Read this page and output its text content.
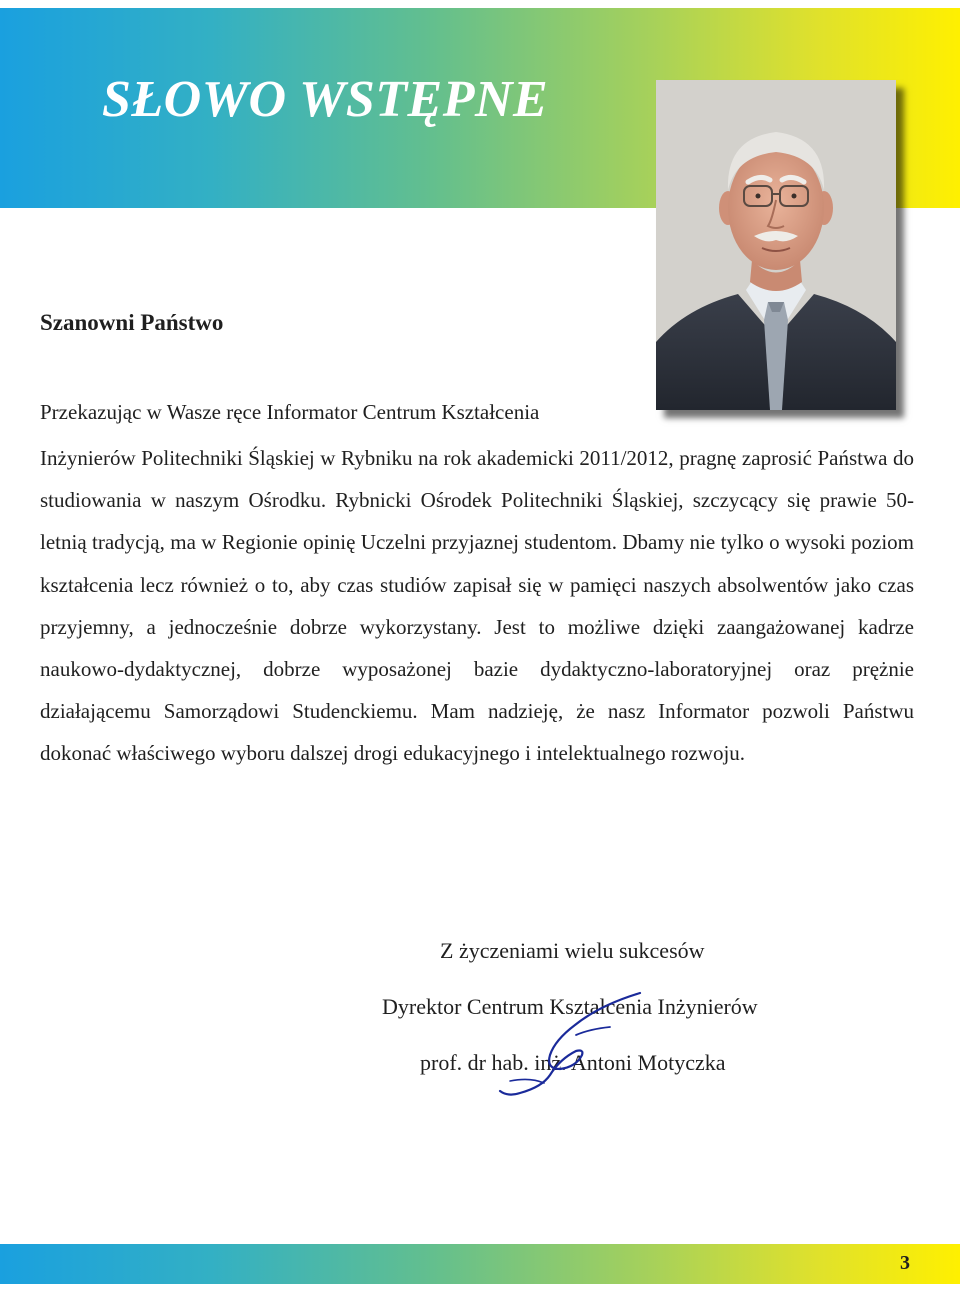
SŁOWO WSTĘPNE

Szanowni Państwo

Przekazując w Wasze ręce Informator Centrum Kształcenia

Inżynierów Politechniki Śląskiej w Rybniku na rok akademicki 2011/2012, pragnę zaprosić Państwa do studiowania w naszym Ośrodku. Rybnicki Ośrodek Politechniki Śląskiej, szczycący się prawie 50-letnią tradycją, ma w Regionie opinię Uczelni przyjaznej studentom. Dbamy nie tylko o wysoki poziom kształcenia lecz również o to, aby czas studiów zapisał się w pamięci naszych absolwentów jako czas przyjemny, a jednocześnie dobrze wykorzystany. Jest to możliwe dzięki zaangażowanej kadrze naukowo-dydaktycznej, dobrze wyposażonej bazie dydaktyczno-laboratoryjnej oraz prężnie działającemu Samorządowi Studenckiemu. Mam nadzieję, że nasz Informator pozwoli Państwu dokonać właściwego wyboru dalszej drogi edukacyjnego i intelektualnego rozwoju.

Z życzeniami wielu sukcesów

Dyrektor Centrum Kształcenia Inżynierów

prof. dr hab. inż. Antoni Motyczka

3
